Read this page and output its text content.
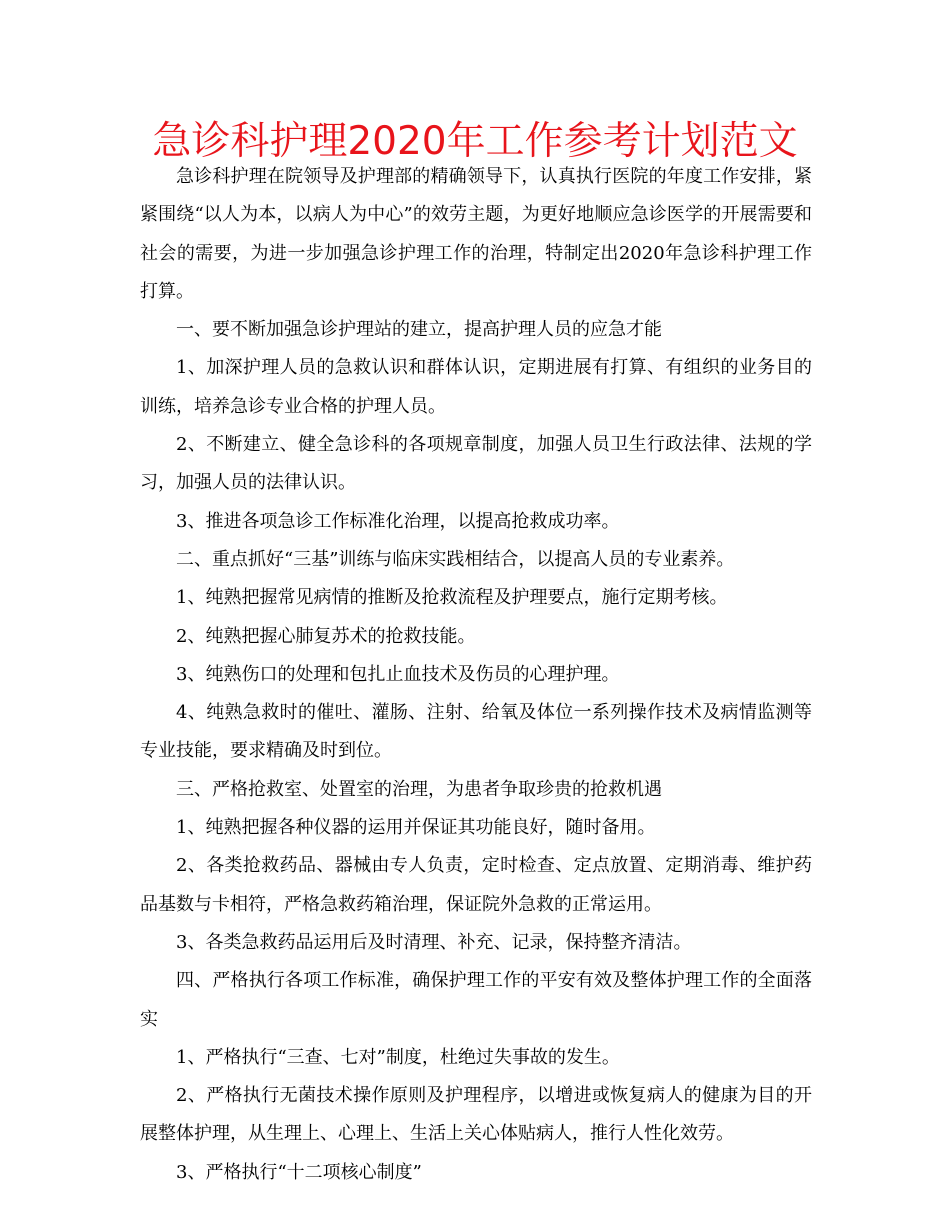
急诊科护理2020年工作参考计划范文

急诊科护理在院领导及护理部的精确领导下，认真执行医院的年度工作安排，紧紧围绕“以人为本，以病人为中心”的效劳主题，为更好地顺应急诊医学的开展需要和社会的需要，为进一步加强急诊护理工作的治理，特制定出2020年急诊科护理工作打算。

一、要不断加强急诊护理站的建立，提高护理人员的应急才能

1、加深护理人员的急救认识和群体认识，定期进展有打算、有组织的业务目的训练，培养急诊专业合格的护理人员。

2、不断建立、健全急诊科的各项规章制度，加强人员卫生行政法律、法规的学习，加强人员的法律认识。

3、推进各项急诊工作标准化治理，以提高抢救成功率。

二、重点抓好“三基”训练与临床实践相结合，以提高人员的专业素养。

1、纯熟把握常见病情的推断及抢救流程及护理要点，施行定期考核。

2、纯熟把握心肺复苏术的抢救技能。

3、纯熟伤口的处理和包扎止血技术及伤员的心理护理。

4、纯熟急救时的催吐、灌肠、注射、给氧及体位一系列操作技术及病情监测等专业技能，要求精确及时到位。

三、严格抢救室、处置室的治理，为患者争取珍贵的抢救机遇

1、纯熟把握各种仪器的运用并保证其功能良好，随时备用。

2、各类抢救药品、器械由专人负责，定时检查、定点放置、定期消毒、维护药品基数与卡相符，严格急救药箱治理，保证院外急救的正常运用。

3、各类急救药品运用后及时清理、补充、记录，保持整齐清洁。

四、严格执行各项工作标准，确保护理工作的平安有效及整体护理工作的全面落实

1、严格执行“三查、七对”制度，杜绝过失事故的发生。

2、严格执行无菌技术操作原则及护理程序，以增进或恢复病人的健康为目的开展整体护理，从生理上、心理上、生活上关心体贴病人，推行人性化效劳。

3、严格执行“十二项核心制度”
